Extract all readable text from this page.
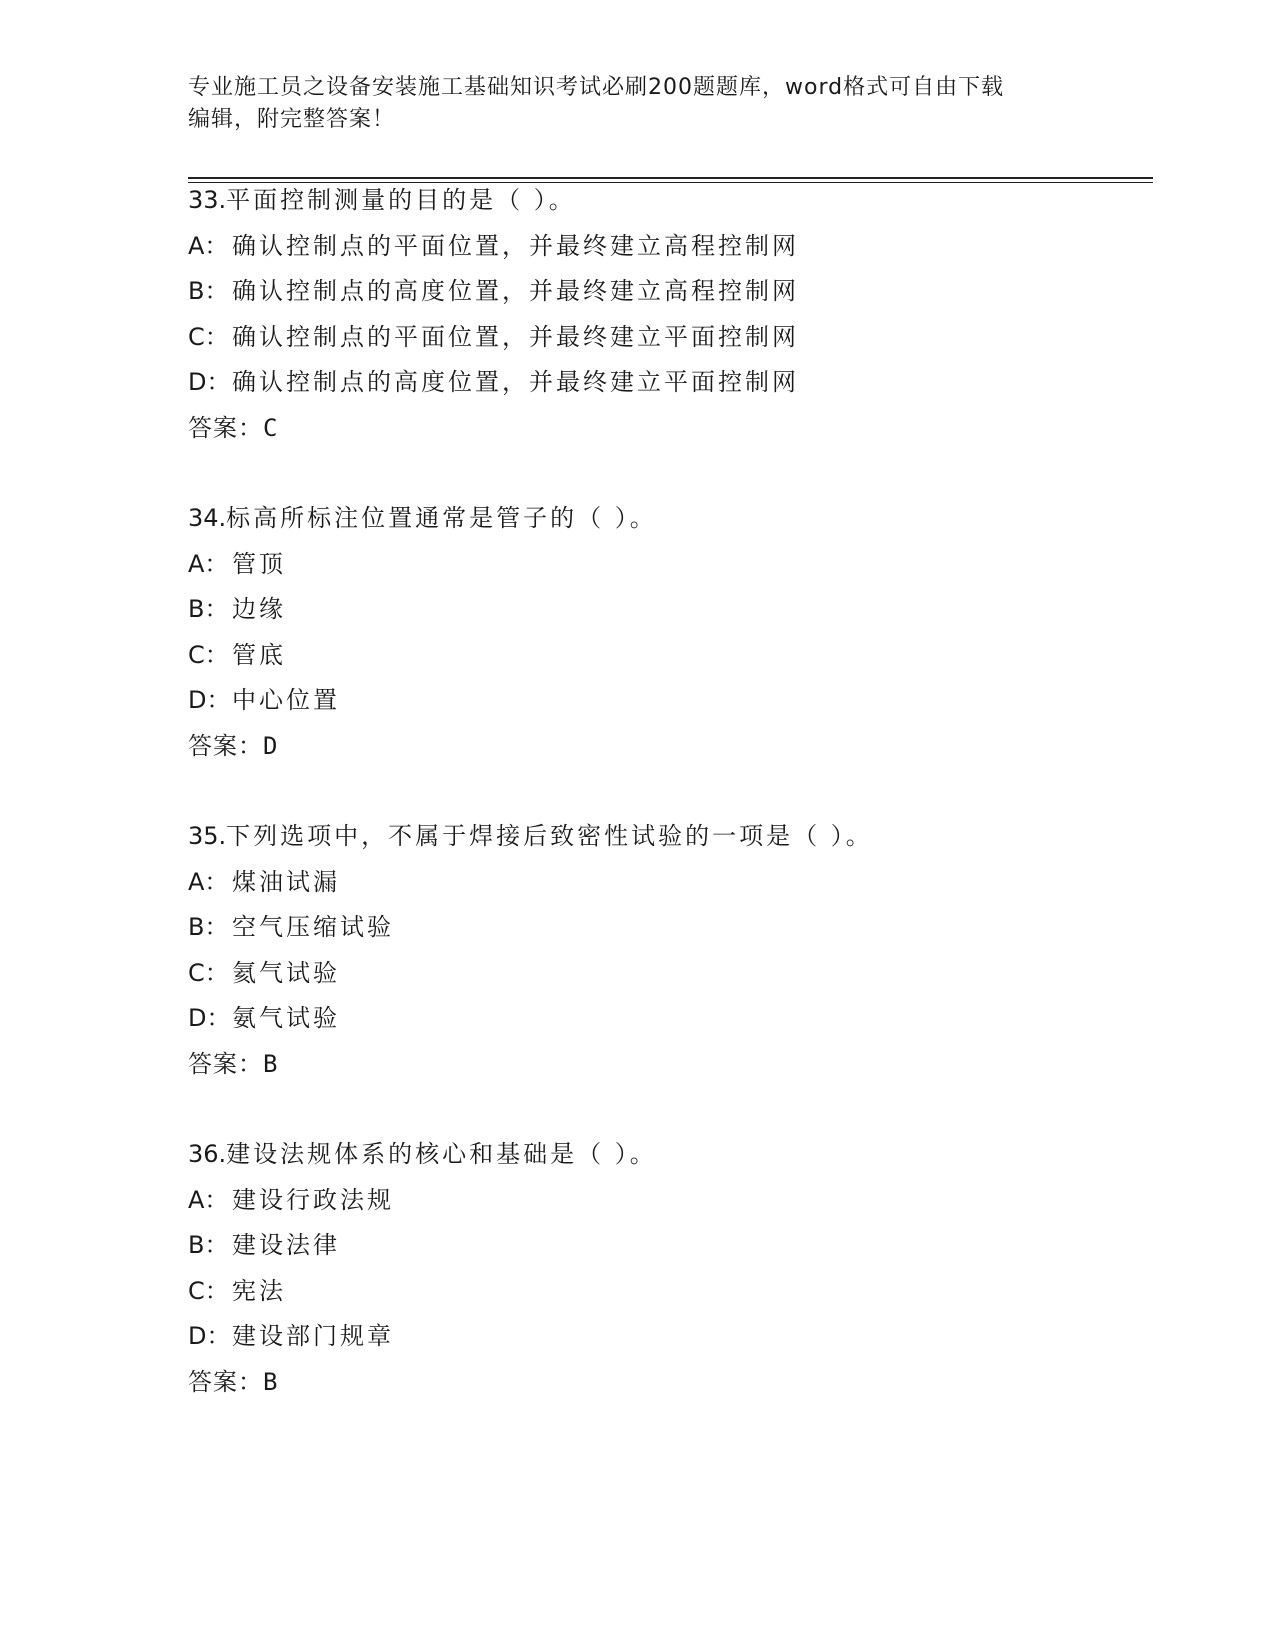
专业施工员之设备安装施工基础知识考试必刷200题题库，word格式可自由下载
编辑，附完整答案！
33.平面控制测量的目的是（ ）。
A： 确认控制点的平面位置，并最终建立高程控制网
B： 确认控制点的高度位置，并最终建立高程控制网
C： 确认控制点的平面位置，并最终建立平面控制网
D：确认控制点的高度位置，并最终建立平面控制网
答案：C
34.标高所标注位置通常是管子的（ ）。
A： 管顶
B： 边缘
C： 管底
D：中心位置
答案：D
35.下列选项中，不属于焊接后致密性试验的一项是（ ）。
A： 煤油试漏
B： 空气压缩试验
C： 氦气试验
D：氨气试验
答案：B
36.建设法规体系的核心和基础是（ ）。
A： 建设行政法规
B： 建设法律
C： 宪法
D：建设部门规章
答案：B
